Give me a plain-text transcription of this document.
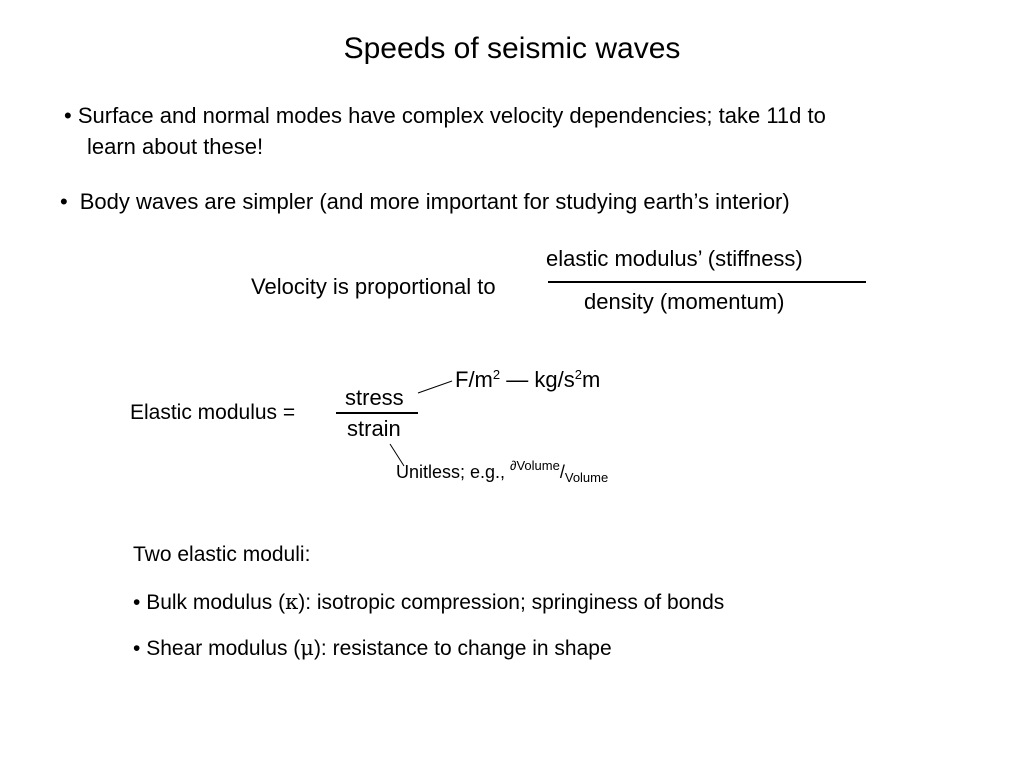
Speeds of seismic waves
• Surface and normal modes have complex velocity dependencies; take 11d to
learn about these!
• Body waves are simpler (and more important for studying earth’s interior)
Velocity is proportional to
elastic modulus’ (stiffness)
density (momentum)
Elastic modulus =
stress
strain
$F/m^2$ — $kg/s^2m$
Unitless; e.g., $^{\partial Volume}/_{Volume}$
Two elastic moduli:
• Bulk modulus (κ): isotropic compression; springiness of bonds
• Shear modulus (μ): resistance to change in shape
